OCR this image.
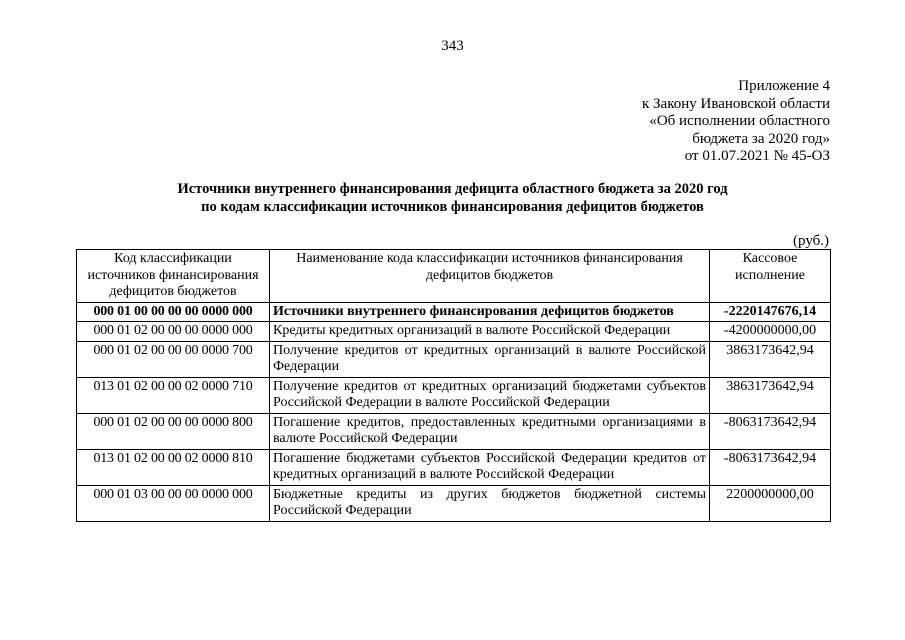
343
Приложение 4
к Закону Ивановской области
«Об исполнении областного
бюджета за 2020 год»
от 01.07.2021 № 45-ОЗ
Источники внутреннего финансирования дефицита областного бюджета за 2020 год
по кодам классификации источников финансирования дефицитов бюджетов
(руб.)
Код классификации источников финансирования дефицитов бюджетов	Наименование кода классификации источников финансирования дефицитов бюджетов	Кассовое исполнение
000 01 00 00 00 00 0000 000	Источники внутреннего финансирования дефицитов бюджетов	-2220147676,14
000 01 02 00 00 00 0000 000	Кредиты кредитных организаций в валюте Российской Федерации	-4200000000,00
000 01 02 00 00 00 0000 700	Получение кредитов от кредитных организаций в валюте Российской Федерации	3863173642,94
013 01 02 00 00 02 0000 710	Получение кредитов от кредитных организаций бюджетами субъектов Российской Федерации в валюте Российской Федерации	3863173642,94
000 01 02 00 00 00 0000 800	Погашение кредитов, предоставленных кредитными организациями в валюте Российской Федерации	-8063173642,94
013 01 02 00 00 02 0000 810	Погашение бюджетами субъектов Российской Федерации кредитов от кредитных организаций в валюте Российской Федерации	-8063173642,94
000 01 03 00 00 00 0000 000	Бюджетные кредиты из других бюджетов бюджетной системы Российской Федерации	2200000000,00
